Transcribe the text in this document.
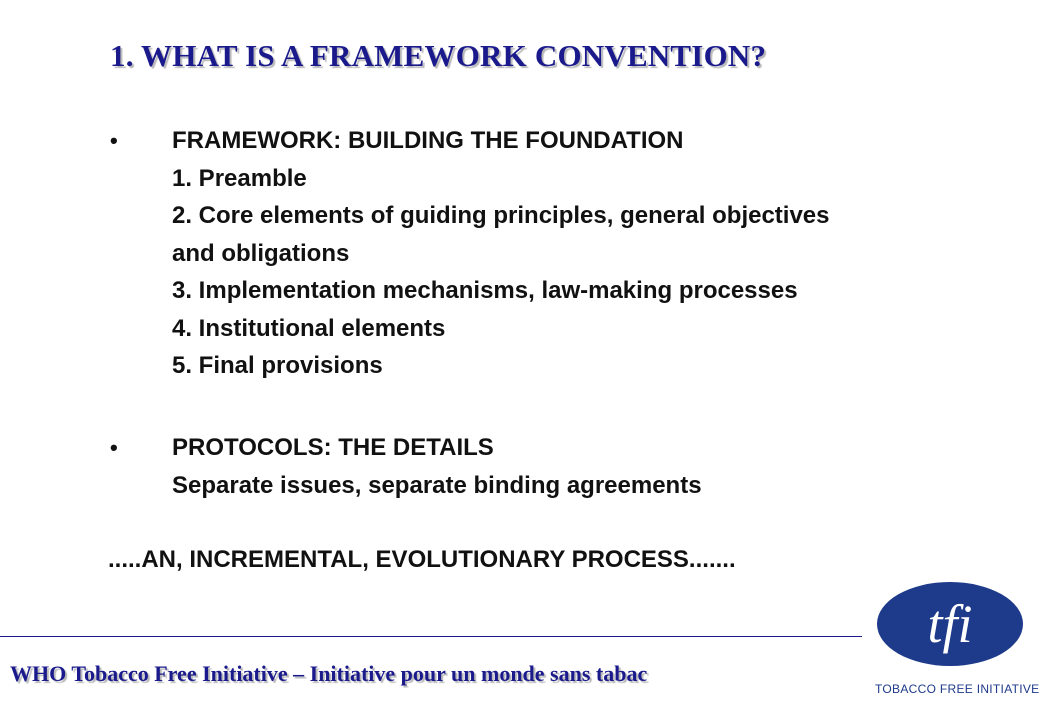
1. WHAT IS A FRAMEWORK CONVENTION?
•	FRAMEWORK: BUILDING THE FOUNDATION
1. Preamble
2. Core elements of guiding principles, general objectives
and obligations
3. Implementation mechanisms, law-making processes
4. Institutional elements
5. Final provisions
•	PROTOCOLS: THE DETAILS
Separate issues, separate binding agreements
.....AN, INCREMENTAL, EVOLUTIONARY PROCESS.......
WHO Tobacco Free Initiative – Initiative pour un monde sans tabac
tfi
TOBACCO FREE INITIATIVE
